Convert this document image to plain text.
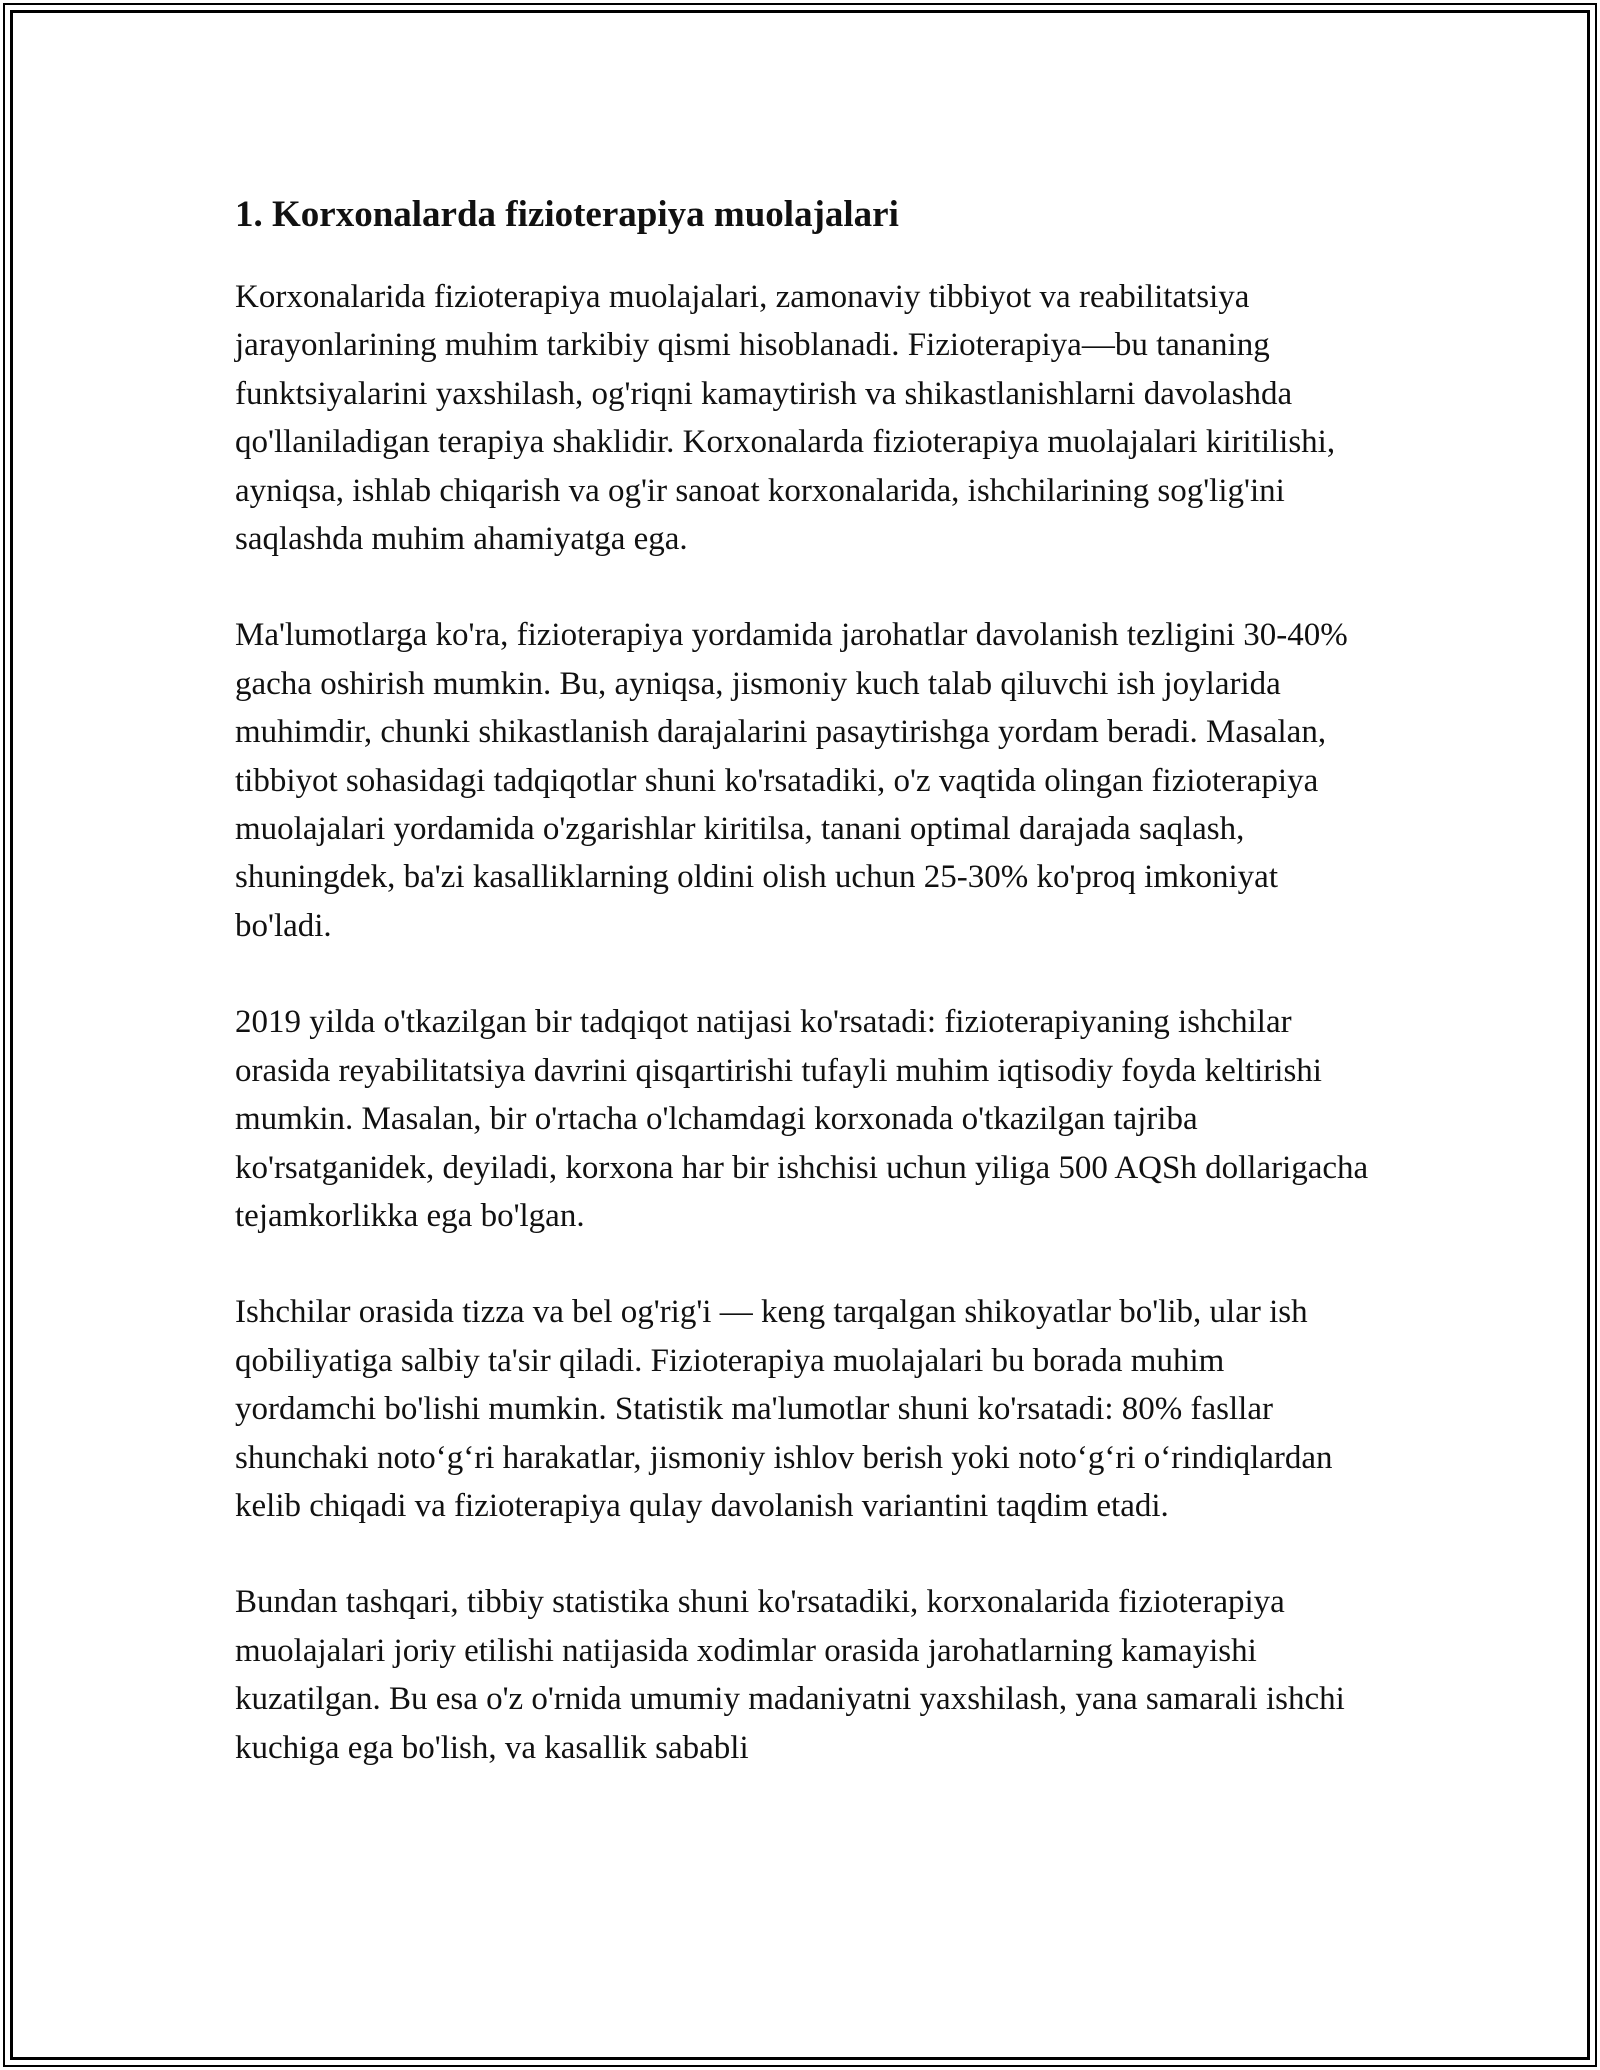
1. Korxonalarda fizioterapiya muolajalari

Korxonalarida fizioterapiya muolajalari, zamonaviy tibbiyot va reabilitatsiya jarayonlarining muhim tarkibiy qismi hisoblanadi. Fizioterapiya—bu tananing funktsiyalarini yaxshilash, og'riqni kamaytirish va shikastlanishlarni davolashda qo'llaniladigan terapiya shaklidir. Korxonalarda fizioterapiya muolajalari kiritilishi, ayniqsa, ishlab chiqarish va og'ir sanoat korxonalarida, ishchilarining sog'lig'ini saqlashda muhim ahamiyatga ega.

Ma'lumotlarga ko'ra, fizioterapiya yordamida jarohatlar davolanish tezligini 30-40% gacha oshirish mumkin. Bu, ayniqsa, jismoniy kuch talab qiluvchi ish joylarida muhimdir, chunki shikastlanish darajalarini pasaytirishga yordam beradi. Masalan, tibbiyot sohasidagi tadqiqotlar shuni ko'rsatadiki, o'z vaqtida olingan fizioterapiya muolajalari yordamida o'zgarishlar kiritilsa, tanani optimal darajada saqlash, shuningdek, ba'zi kasalliklarning oldini olish uchun 25-30% ko'proq imkoniyat bo'ladi.

2019 yilda o'tkazilgan bir tadqiqot natijasi ko'rsatadi: fizioterapiyaning ishchilar orasida reyabilitatsiya davrini qisqartirishi tufayli muhim iqtisodiy foyda keltirishi mumkin. Masalan, bir o'rtacha o'lchamdagi korxonada o'tkazilgan tajriba ko'rsatganidek, deyiladi, korxona har bir ishchisi uchun yiliga 500 AQSh dollarigacha tejamkorlikka ega bo'lgan.

Ishchilar orasida tizza va bel og'rig'i — keng tarqalgan shikoyatlar bo'lib, ular ish qobiliyatiga salbiy ta'sir qiladi. Fizioterapiya muolajalari bu borada muhim yordamchi bo'lishi mumkin. Statistik ma'lumotlar shuni ko'rsatadi: 80% fasllar shunchaki noto‘g‘ri harakatlar, jismoniy ishlov berish yoki noto‘g‘ri o‘rindiqlardan kelib chiqadi va fizioterapiya qulay davolanish variantini taqdim etadi.

Bundan tashqari, tibbiy statistika shuni ko'rsatadiki, korxonalarida fizioterapiya muolajalari joriy etilishi natijasida xodimlar orasida jarohatlarning kamayishi kuzatilgan. Bu esa o'z o'rnida umumiy madaniyatni yaxshilash, yana samarali ishchi kuchiga ega bo'lish, va kasallik sababli
